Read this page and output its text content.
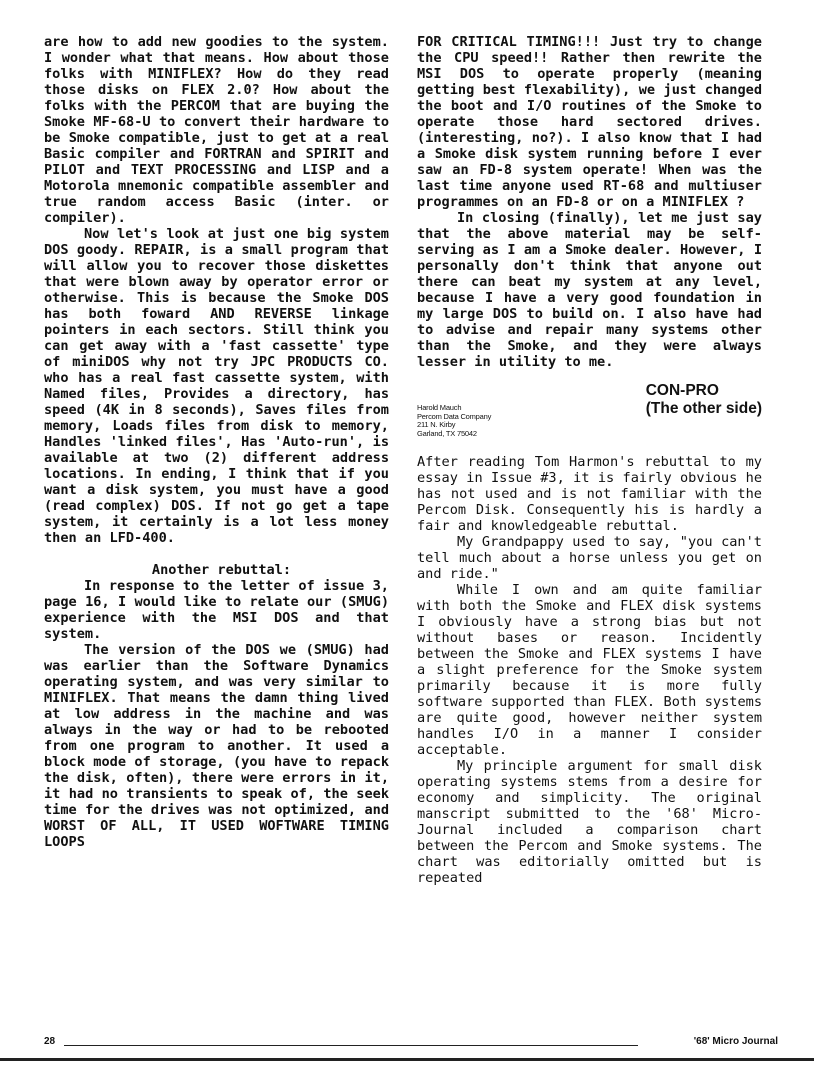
are how to add new goodies to the system. I wonder what that means. How about those folks with MINIFLEX? How do they read those disks on FLEX 2.0? How about the folks with the PERCOM that are buying the Smoke MF-68-U to convert their hardware to be Smoke compatible, just to get at a real Basic compiler and FORTRAN and SPIRIT and PILOT and TEXT PROCESSING and LISP and a Motorola mnemonic compatible assembler and true random access Basic (inter. or compiler).

Now let's look at just one big system DOS goody. REPAIR, is a small program that will allow you to recover those diskettes that were blown away by operator error or otherwise. This is because the Smoke DOS has both foward AND REVERSE linkage pointers in each sectors. Still think you can get away with a 'fast cassette' type of miniDOS why not try JPC PRODUCTS CO. who has a real fast cassette system, with Named files, Provides a directory, has speed (4K in 8 seconds), Saves files from memory, Loads files from disk to memory, Handles 'linked files', Has 'Auto-run', is available at two (2) different address locations. In ending, I think that if you want a disk system, you must have a good (read complex) DOS. If not go get a tape system, it certainly is a lot less money then an LFD-400.

Another rebuttal:

In response to the letter of issue 3, page 16, I would like to relate our (SMUG) experience with the MSI DOS and that system.

The version of the DOS we (SMUG) had was earlier than the Software Dynamics operating system, and was very similar to MINIFLEX. That means the damn thing lived at low address in the machine and was always in the way or had to be rebooted from one program to another. It used a block mode of storage, (you have to repack the disk, often), there were errors in it, it had no transients to speak of, the seek time for the drives was not optimized, and WORST OF ALL, IT USED WOFTWARE TIMING LOOPS

FOR CRITICAL TIMING!!! Just try to change the CPU speed!! Rather then rewrite the MSI DOS to operate properly (meaning getting best flexability), we just changed the boot and I/O routines of the Smoke to operate those hard sectored drives. (interesting, no?). I also know that I had a Smoke disk system running before I ever saw an FD-8 system operate! When was the last time anyone used RT-68 and multiuser programmes on an FD-8 or on a MINIFLEX ?

In closing (finally), let me just say that the above material may be self-serving as I am a Smoke dealer. However, I personally don't think that anyone out there can beat my system at any level, because I have a very good foundation in my large DOS to build on. I also have had to advise and repair many systems other than the Smoke, and they were always lesser in utility to me.

CON-PRO
(The other side)
Harold Mauch
Percom Data Company
211 N. Kirby
Garland, TX 75042

After reading Tom Harmon's rebuttal to my essay in Issue #3, it is fairly obvious he has not used and is not familiar with the Percom Disk. Consequently his is hardly a fair and knowledgeable rebuttal.

My Grandpappy used to say, "you can't tell much about a horse unless you get on and ride."

While I own and am quite familiar with both the Smoke and FLEX disk systems I obviously have a strong bias but not without bases or reason. Incidently between the Smoke and FLEX systems I have a slight preference for the Smoke system primarily because it is more fully software supported than FLEX. Both systems are quite good, however neither system handles I/O in a manner I consider acceptable.

My principle argument for small disk operating systems stems from a desire for economy and simplicity. The original manscript submitted to the '68' Micro-Journal included a comparison chart between the Percom and Smoke systems. The chart was editorially omitted but is repeated

28	'68' Micro Journal
